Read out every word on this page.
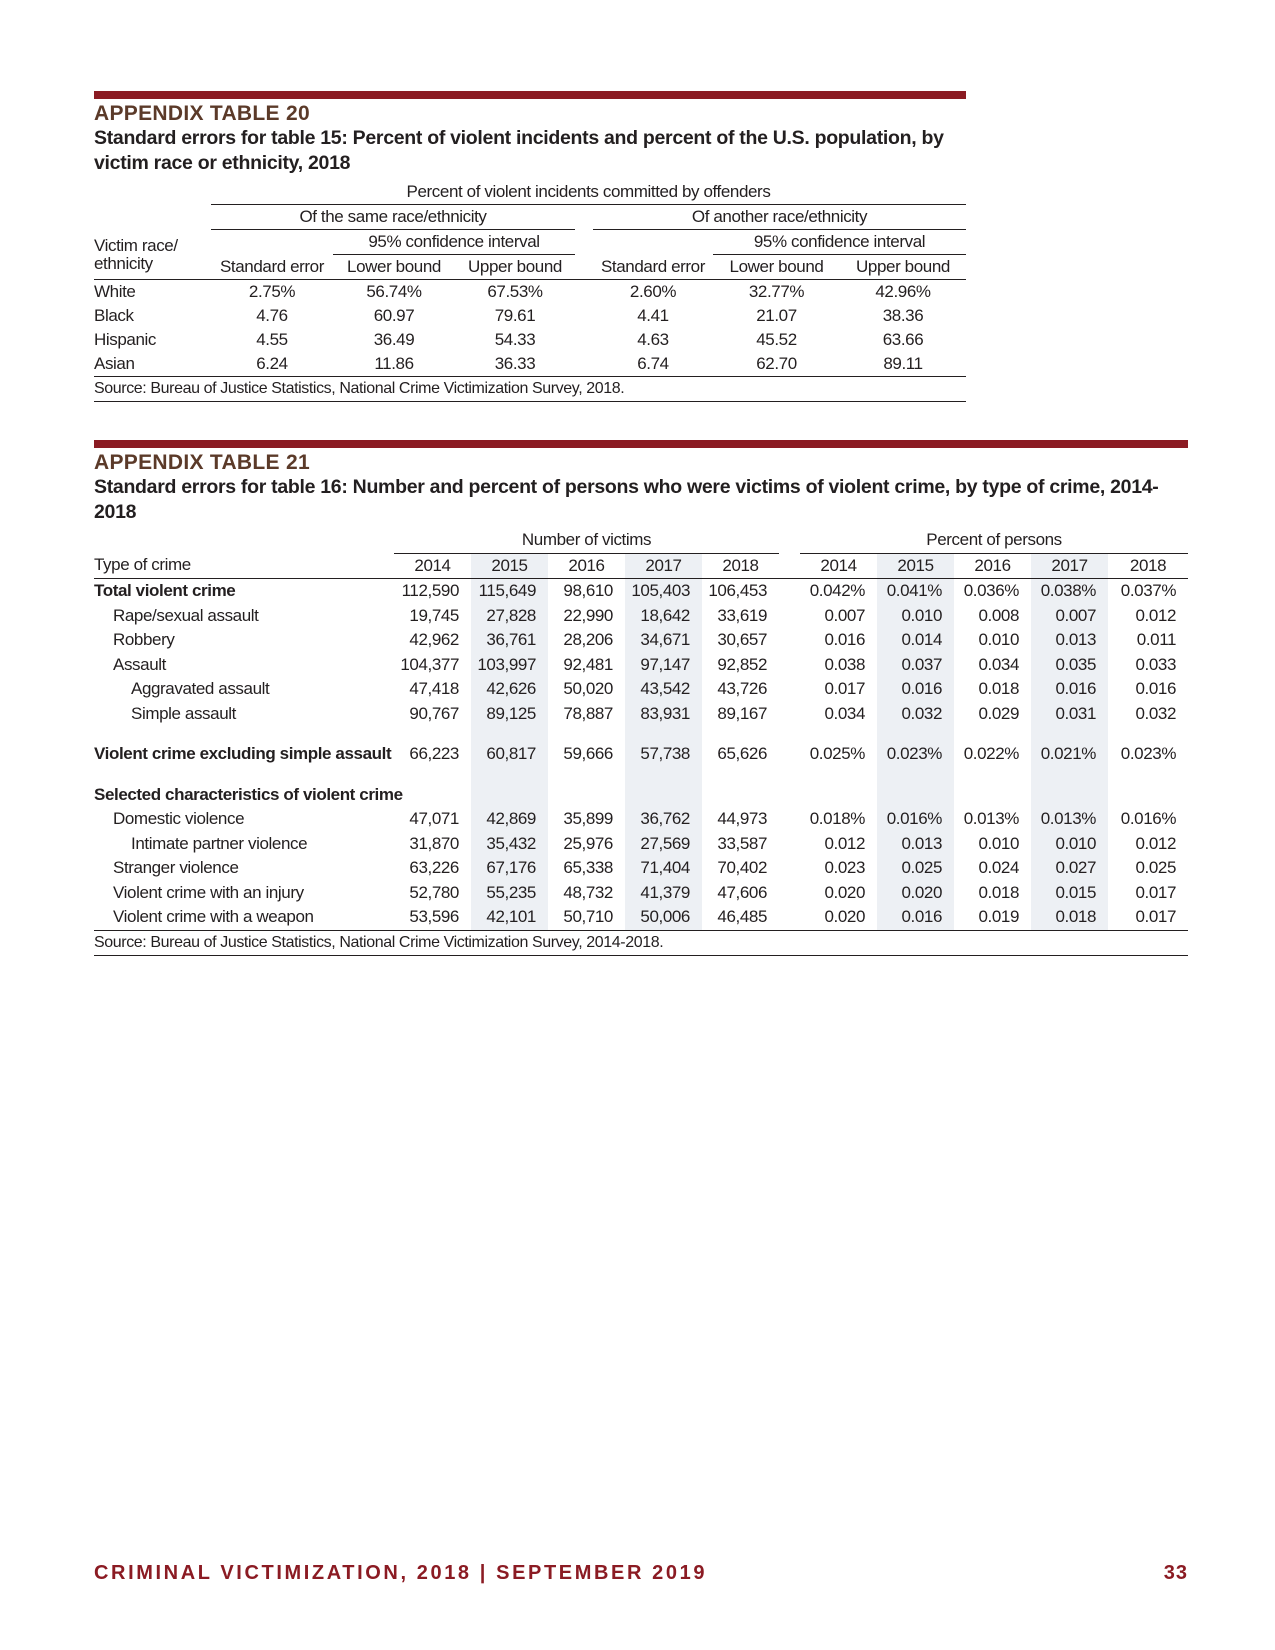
APPENDIX TABLE 20
Standard errors for table 15: Percent of violent incidents and percent of the U.S. population, by
victim race or ethnicity, 2018
	Percent of violent incidents committed by offenders						
	Of the same race/ethnicity				Of another race/ethnicity		
Victim race/		95% confidence interval				95% confidence interval	
ethnicity	Standard error	Lower bound	Upper bound		Standard error	Lower bound	Upper bound
White	2.75%	56.74%	67.53%		2.60%	32.77%	42.96%
Black	4.76	60.97	79.61		4.41	21.07	38.36
Hispanic	4.55	36.49	54.33		4.63	45.52	63.66
Asian	6.24	11.86	36.33		6.74	62.70	89.11
Source: Bureau of Justice Statistics, National Crime Victimization Survey, 2018.							
APPENDIX TABLE 21
Standard errors for table 16: Number and percent of persons who were victims of violent crime, by type of crime, 2014-2018
	Number of victims						Percent of persons				
Type of crime	2014	2015	2016	2017	2018		2014	2015	2016	2017	2018
Total violent crime	112,590	115,649	98,610	105,403	106,453		0.042%	0.041%	0.036%	0.038%	0.037%
Rape/sexual assault	19,745	27,828	22,990	18,642	33,619		0.007	0.010	0.008	0.007	0.012
Robbery	42,962	36,761	28,206	34,671	30,657		0.016	0.014	0.010	0.013	0.011
Assault	104,377	103,997	92,481	97,147	92,852		0.038	0.037	0.034	0.035	0.033
Aggravated assault	47,418	42,626	50,020	43,542	43,726		0.017	0.016	0.018	0.016	0.016
Simple assault	90,767	89,125	78,887	83,931	89,167		0.034	0.032	0.029	0.031	0.032

Violent crime excluding simple assault	66,223	60,817	59,666	57,738	65,626		0.025%	0.023%	0.022%	0.021%	0.023%

Selected characteristics of violent crime											
Domestic violence	47,071	42,869	35,899	36,762	44,973		0.018%	0.016%	0.013%	0.013%	0.016%
Intimate partner violence	31,870	35,432	25,976	27,569	33,587		0.012	0.013	0.010	0.010	0.012
Stranger violence	63,226	67,176	65,338	71,404	70,402		0.023	0.025	0.024	0.027	0.025
Violent crime with an injury	52,780	55,235	48,732	41,379	47,606		0.020	0.020	0.018	0.015	0.017
Violent crime with a weapon	53,596	42,101	50,710	50,006	46,485		0.020	0.016	0.019	0.018	0.017
Source: Bureau of Justice Statistics, National Crime Victimization Survey, 2014-2018.											
CRIMINAL VICTIMIZATION, 2018 | SEPTEMBER 2019	33
